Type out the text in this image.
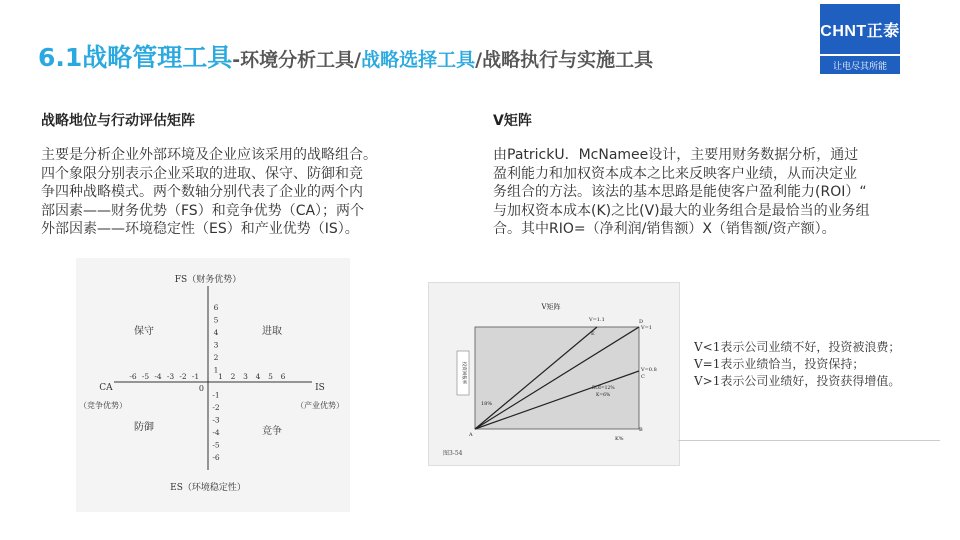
6.1战略管理工具-环境分析工具/战略选择工具/战略执行与实施工具
CHNT正泰
让电尽其所能
战略地位与行动评估矩阵
主要是分析企业外部环境及企业应该采用的战略组合。
四个象限分别表示企业采取的进取、保守、防御和竞
争四种战略模式。两个数轴分别代表了企业的两个内
部因素——财务优势（FS）和竞争优势（CA）；两个
外部因素——环境稳定性（ES）和产业优势（IS）。
FS（财务优势）
ES（环境稳定性）
CA
（竞争优势）
IS
（产业优势）
保守	进取
防御	竞争
0
-6 -5 -4 -3 -2 -1	1 2 3 4 5 6
6
5
4
3
2
1
-1
-2
-3
-4
-5
-6
V矩阵
由PatrickU．McNamee设计，主要用财务数据分析，通过
盈利能力和加权资本成本之比来反映客户业绩，从而决定业
务组合的方法。该法的基本思路是能使客户盈利能力(ROI）“
与加权资本成本(K)之比(V)最大的业务组合是最恰当的业务组
合。其中RIO=（净利润/销售额）X（销售额/资产额）。
V矩阵
V=1.1
V=1
V=0.8
E
D
C
A
B
投资回报率
18%
ROI=12%
K=6%
K%
图3-54
V<1表示公司业绩不好，投资被浪费；
V=1表示业绩恰当，投资保持；
V>1表示公司业绩好，投资获得增值。
